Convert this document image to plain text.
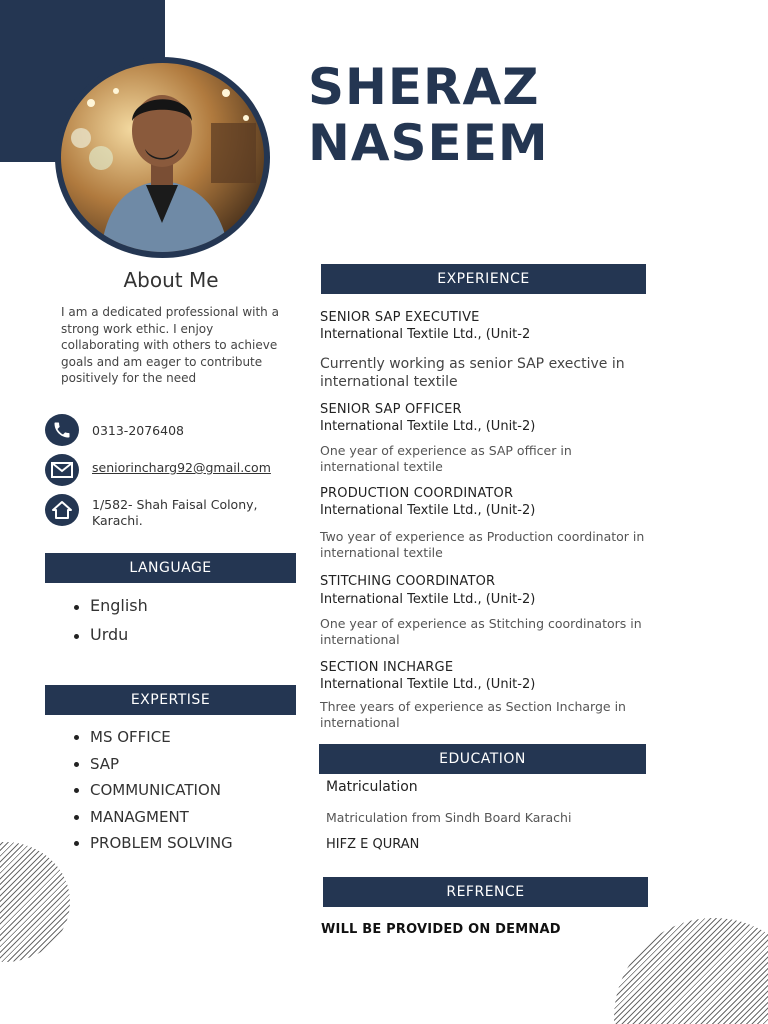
SHERAZ
NASEEM
About Me
I am a dedicated professional with a strong work ethic. I enjoy collaborating with others to achieve goals and am eager to contribute positively for the need
0313-2076408
seniorincharg92@gmail.com
1/582- Shah Faisal Colony, Karachi.
LANGUAGE
English
Urdu
EXPERTISE
MS OFFICE
SAP
COMMUNICATION
MANAGMENT
PROBLEM SOLVING
EXPERIENCE
SENIOR SAP EXECUTIVE
International Textile Ltd., (Unit-2
Currently working as senior SAP exective in international textile
SENIOR SAP OFFICER
International Textile Ltd., (Unit-2)
One year of experience as SAP officer in international textile
PRODUCTION COORDINATOR
International Textile Ltd., (Unit-2)
Two year of experience as Production coordinator in international textile
STITCHING COORDINATOR
International Textile Ltd., (Unit-2)
One year of experience as Stitching coordinators in international
SECTION INCHARGE
International Textile Ltd., (Unit-2)
Three years of experience as Section Incharge in international
EDUCATION
Matriculation
Matriculation from Sindh Board Karachi
HIFZ E QURAN
REFRENCE
WILL BE PROVIDED ON DEMNAD
